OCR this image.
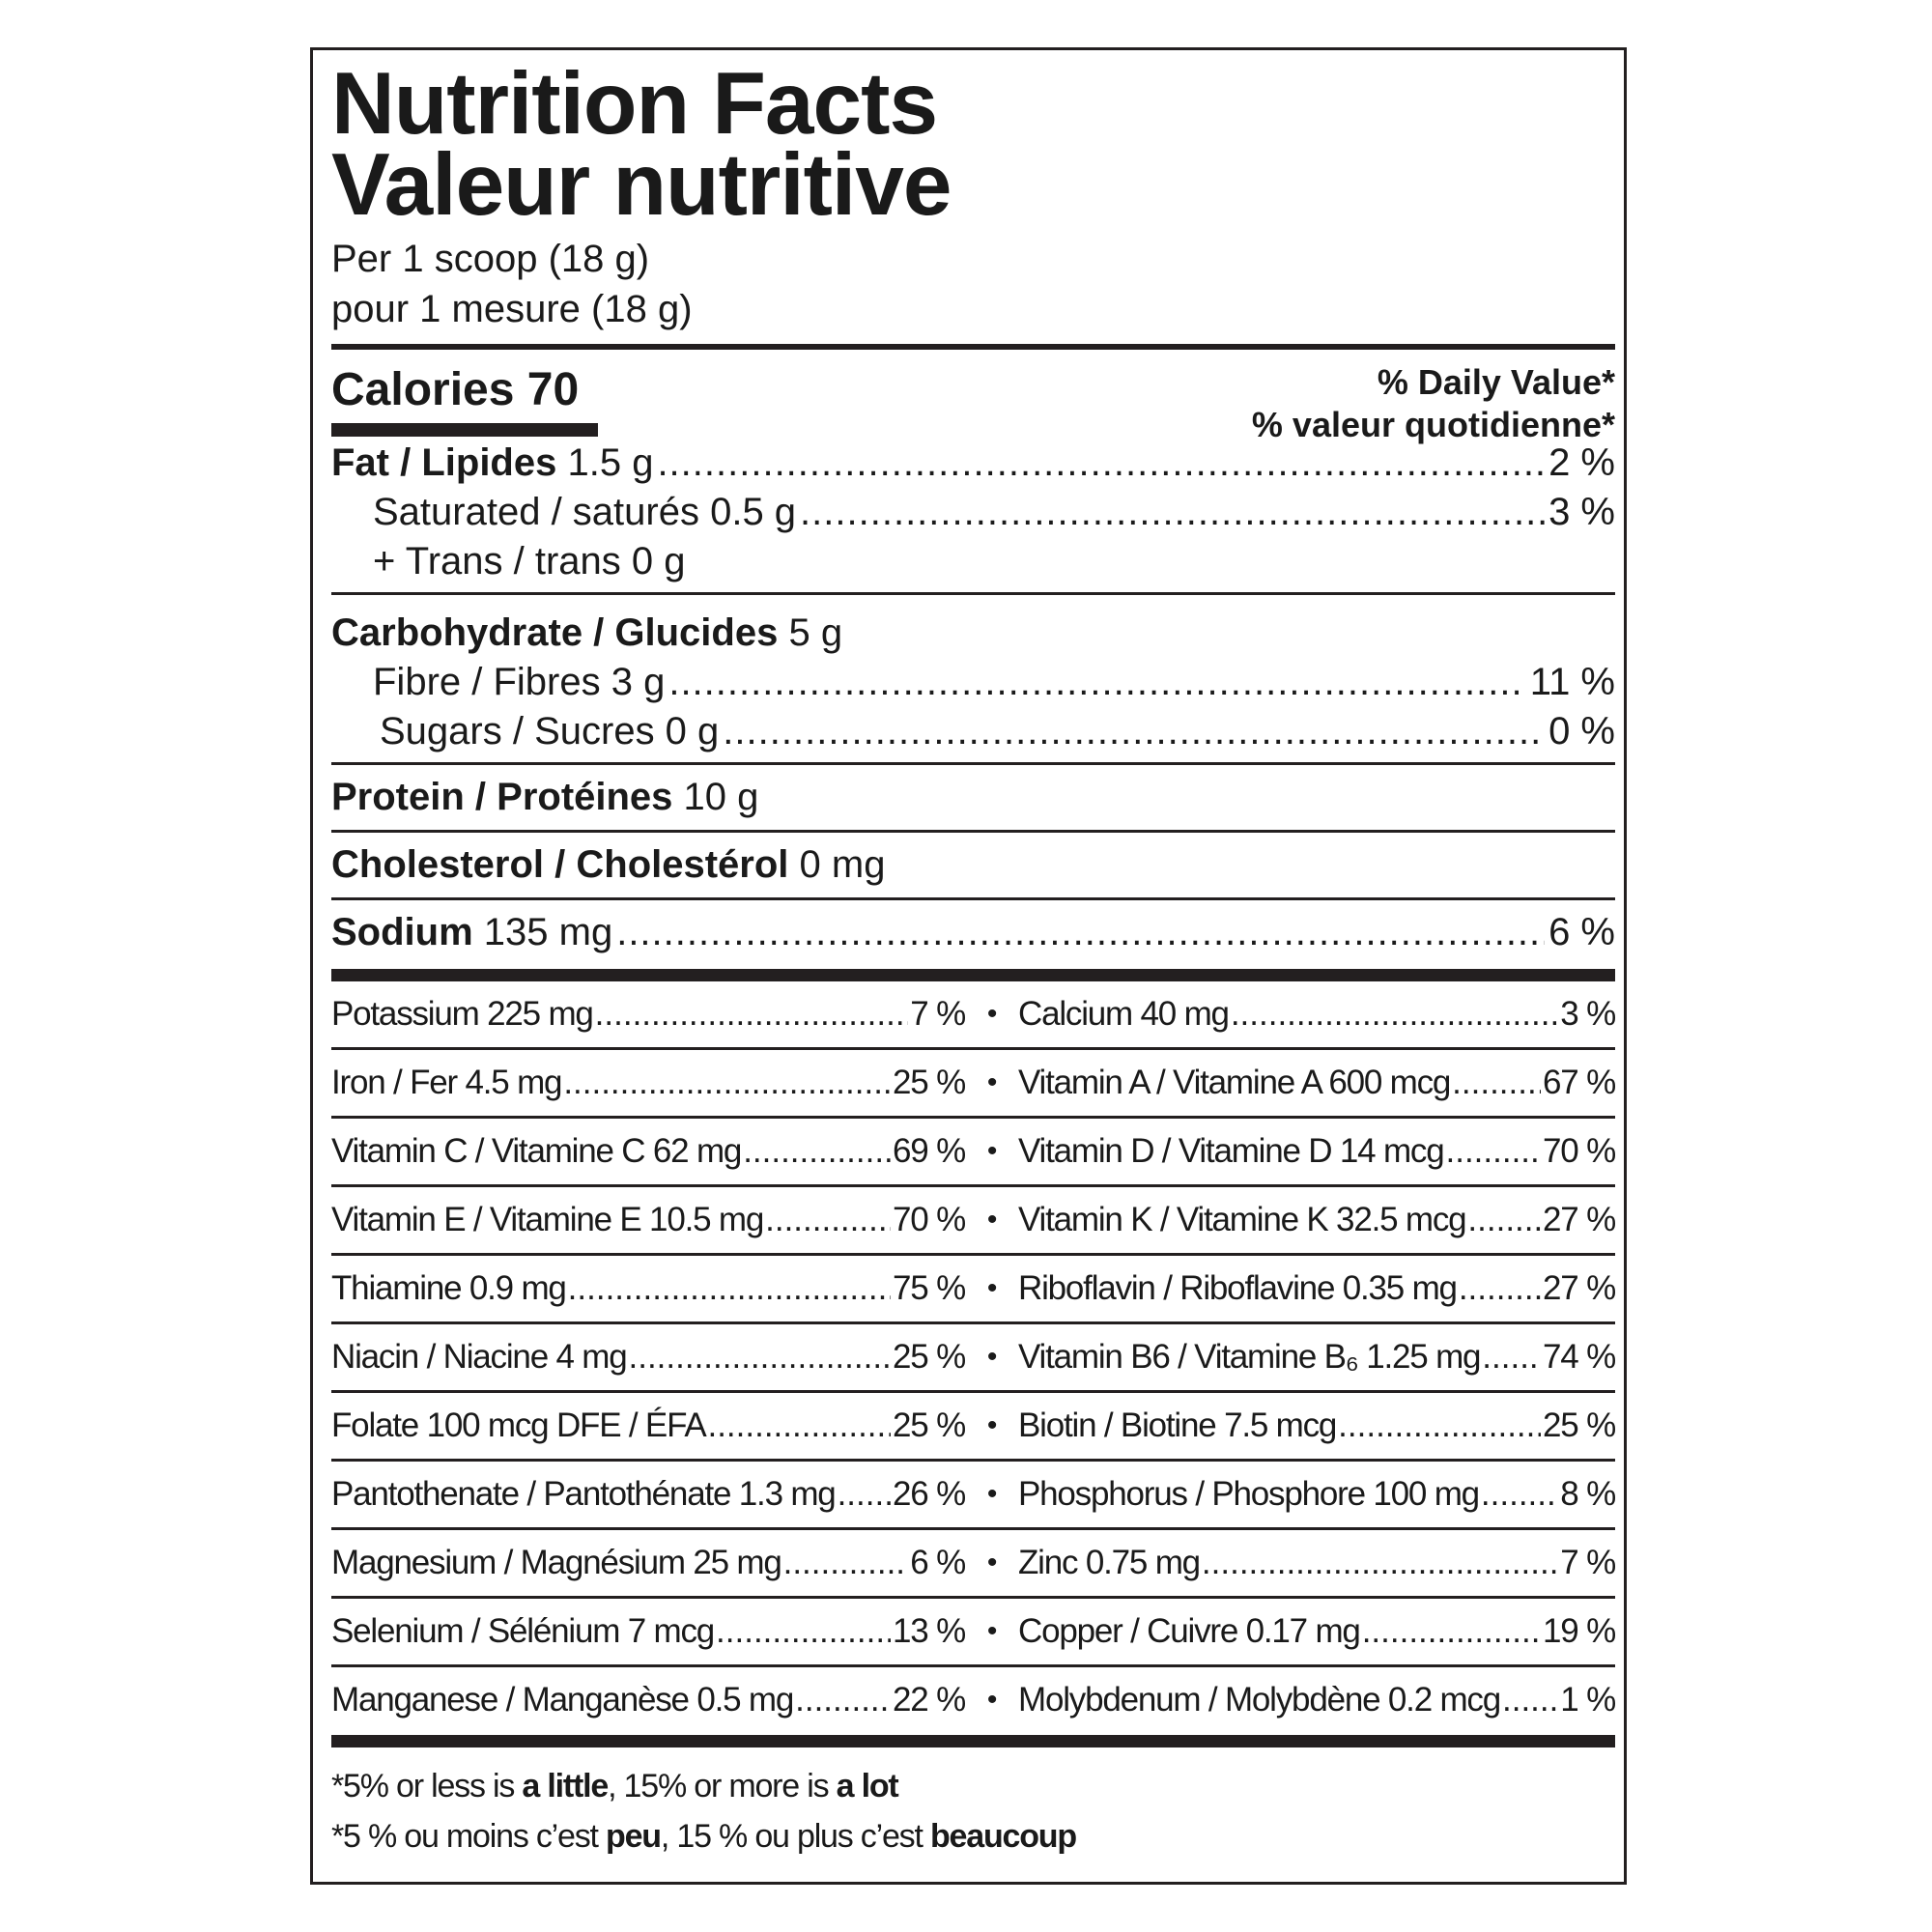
Nutrition Facts
Valeur nutritive
Per 1 scoop (18 g)
pour 1 mesure (18 g)
Calories 70	% Daily Value*
% valeur quotidienne*
Fat / Lipides 1.5 g .....	2 %
Saturated / saturés 0.5 g .....	3 %
+ Trans / trans 0 g
Carbohydrate / Glucides 5 g
Fibre / Fibres 3 g .....	11 %
Sugars / Sucres 0 g .....	0 %
Protein / Protéines 10 g
Cholesterol / Cholestérol 0 mg
Sodium 135 mg .....	6 %
Potassium 225 mg .....	7 % • Calcium 40 mg .....	3 %
Iron / Fer 4.5 mg .....	25 % • Vitamin A / Vitamine A 600 mcg .....	67 %
Vitamin C / Vitamine C 62 mg .....	69 % • Vitamin D / Vitamine D 14 mcg .....	70 %
Vitamin E / Vitamine E 10.5 mg .....	70 % • Vitamin K / Vitamine K 32.5 mcg ..... 27 %
Thiamine 0.9 mg .....	75 % • Riboflavin / Riboflavine 0.35 mg .....	27 %
Niacin / Niacine 4 mg .....	25 % • Vitamin B6 / Vitamine B₆ 1.25 mg ..... 74 %
Folate 100 mcg DFE / ÉFA .....	25 % • Biotin / Biotine 7.5 mcg .....	25 %
Pantothenate / Pantothénate 1.3 mg ..... 26 % • Phosphorus / Phosphore 100 mg ..... 8 %
Magnesium / Magnésium 25 mg .....	6 % • Zinc 0.75 mg .....	7 %
Selenium / Sélénium 7 mcg .....	13 % • Copper / Cuivre 0.17 mg .....	19 %
Manganese / Manganèse 0.5 mg .....	22 % • Molybdenum / Molybdène 0.2 mcg ..... 1 %
*5% or less is a little, 15% or more is a lot
*5 % ou moins c’est peu, 15 % ou plus c’est beaucoup
